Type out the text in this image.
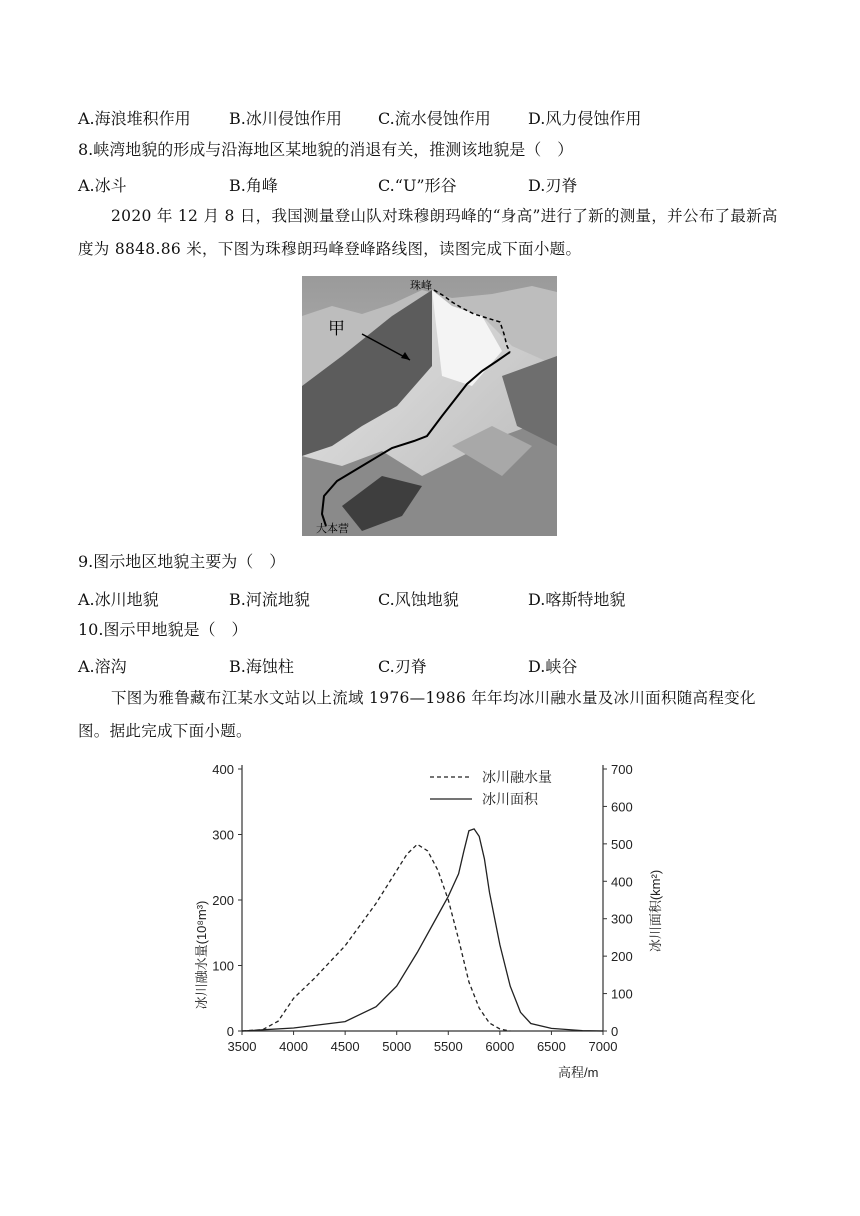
A.海浪堆积作用 B.冰川侵蚀作用 C.流水侵蚀作用 D.风力侵蚀作用
8.峡湾地貌的形成与沿海地区某地貌的消退有关，推测该地貌是（　）
A.冰斗	B.角峰	C.“U”形谷	D.刃脊
2020 年 12 月 8 日，我国测量登山队对珠穆朗玛峰的“身高”进行了新的测量，并公布了最新高度为 8848.86 米，下图为珠穆朗玛峰登峰路线图，读图完成下面小题。
珠峰
甲
大本营
9.图示地区地貌主要为（　）
A.冰川地貌	B.河流地貌	C.风蚀地貌	D.喀斯特地貌
10.图示甲地貌是（　）
A.溶沟	B.海蚀柱	C.刃脊	D.峡谷
下图为雅鲁藏布江某水文站以上流域 1976—1986 年年均冰川融水量及冰川面积随高程变化图。据此完成下面小题。
3500 4000 4500 5000 5500 6000 6500 7000
0
100
200
300
400
0
100
200
300
400
500
600
700
冰川融水量
冰川面积
高程/m
冰川融水量(10⁸m³)	冰川面积(km²)
